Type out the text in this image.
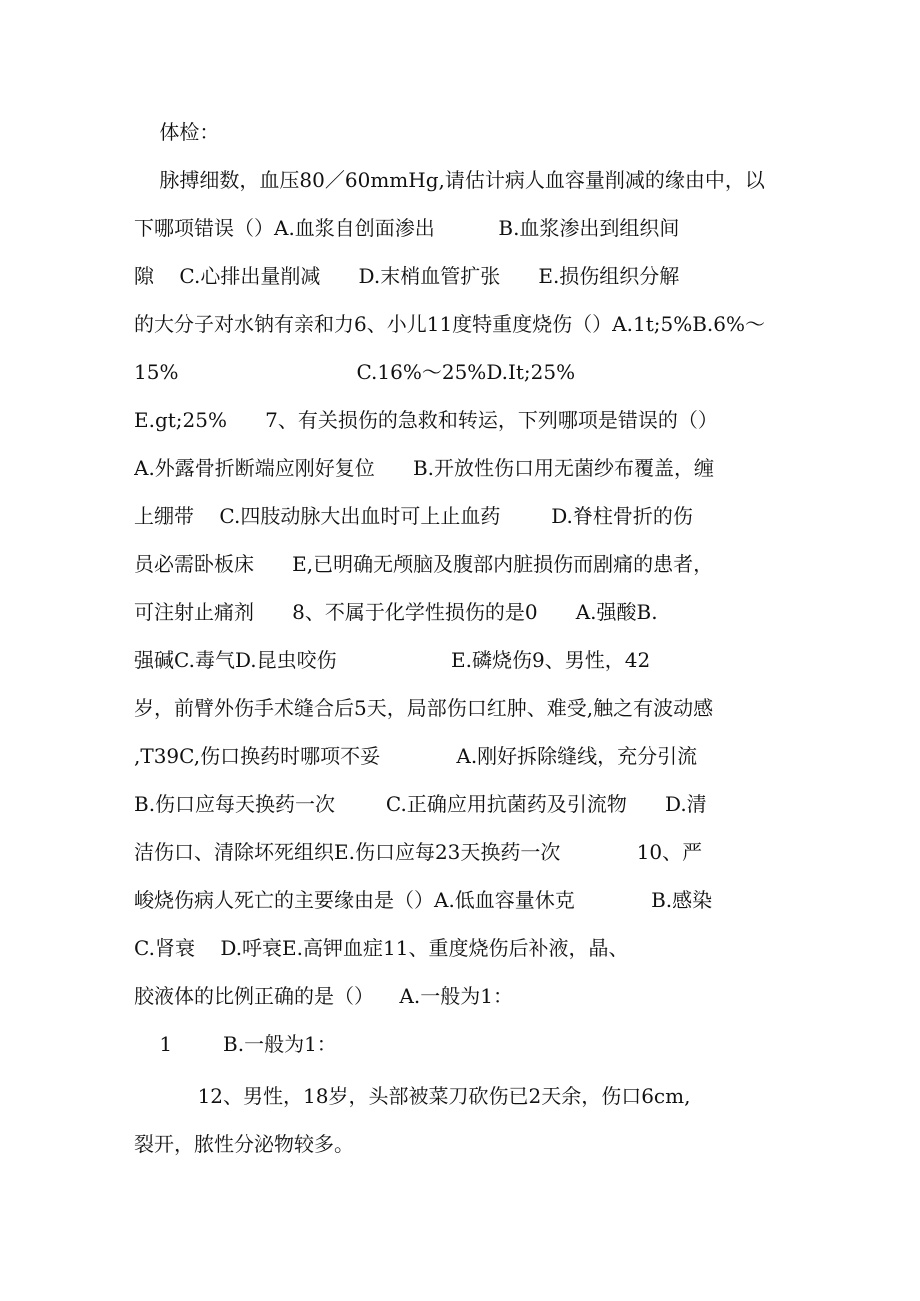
体检：
脉搏细数，血压80／60mmHg,请估计病人血容量削减的缘由中，以
下哪项错误（）A.血浆自创面渗出          B.血浆渗出到组织间
隙    C.心排出量削减      D.末梢血管扩张      E.损伤组织分解
的大分子对水钠有亲和力6、小儿11度特重度烧伤（）A.1t;5%B.6%～
15%                            C.16%～25%D.It;25%
E.gt;25%      7、有关损伤的急救和转运，下列哪项是错误的（）
A.外露骨折断端应刚好复位      B.开放性伤口用无菌纱布覆盖，缠
上绷带    C.四肢动脉大出血时可上止血药        D.脊柱骨折的伤
员必需卧板床      E,已明确无颅脑及腹部内脏损伤而剧痛的患者，
可注射止痛剂      8、不属于化学性损伤的是0      A.强酸B.
强碱C.毒气D.昆虫咬伤                  E.磷烧伤9、男性，42
岁，前臂外伤手术缝合后5天，局部伤口红肿、难受,触之有波动感
,T39C,伤口换药时哪项不妥            A.刚好拆除缝线，充分引流
B.伤口应每天换药一次        C.正确应用抗菌药及引流物      D.清
洁伤口、清除坏死组织E.伤口应每23天换药一次            10、严
峻烧伤病人死亡的主要缘由是（）A.低血容量休克            B.感染
C.肾衰    D.呼衰E.高钾血症11、重度烧伤后补液，晶、
胶液体的比例正确的是（）    A.一般为1：
1        B.一般为1：
12、男性，18岁，头部被菜刀砍伤已2天余，伤口6cm,
裂开，脓性分泌物较多。
